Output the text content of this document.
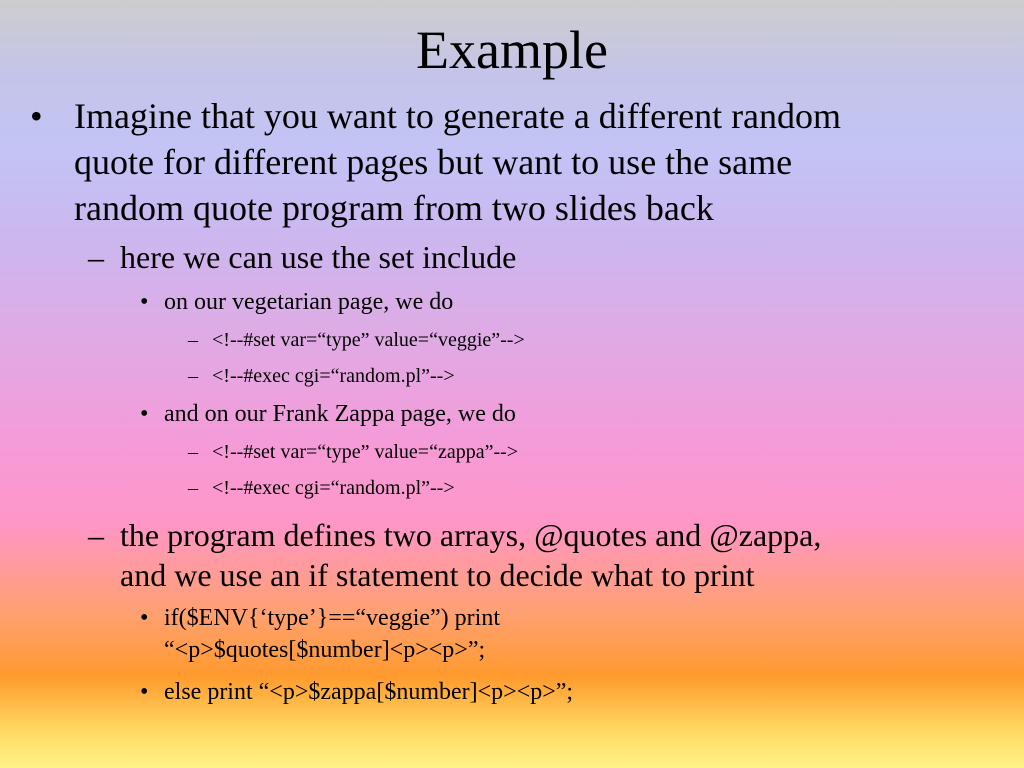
Example
• Imagine that you want to generate a different random
quote for different pages but want to use the same
random quote program from two slides back
– here we can use the set include
• on our vegetarian page, we do
– <!--#set var=“type” value=“veggie”-->
– <!--#exec cgi=“random.pl”-->
• and on our Frank Zappa page, we do
– <!--#set var=“type” value=“zappa”-->
– <!--#exec cgi=“random.pl”-->
– the program defines two arrays, @quotes and @zappa,
and we use an if statement to decide what to print
• if($ENV{‘type’}==“veggie”) print
“<p>$quotes[$number]<p><p>”;
• else print “<p>$zappa[$number]<p><p>”;
